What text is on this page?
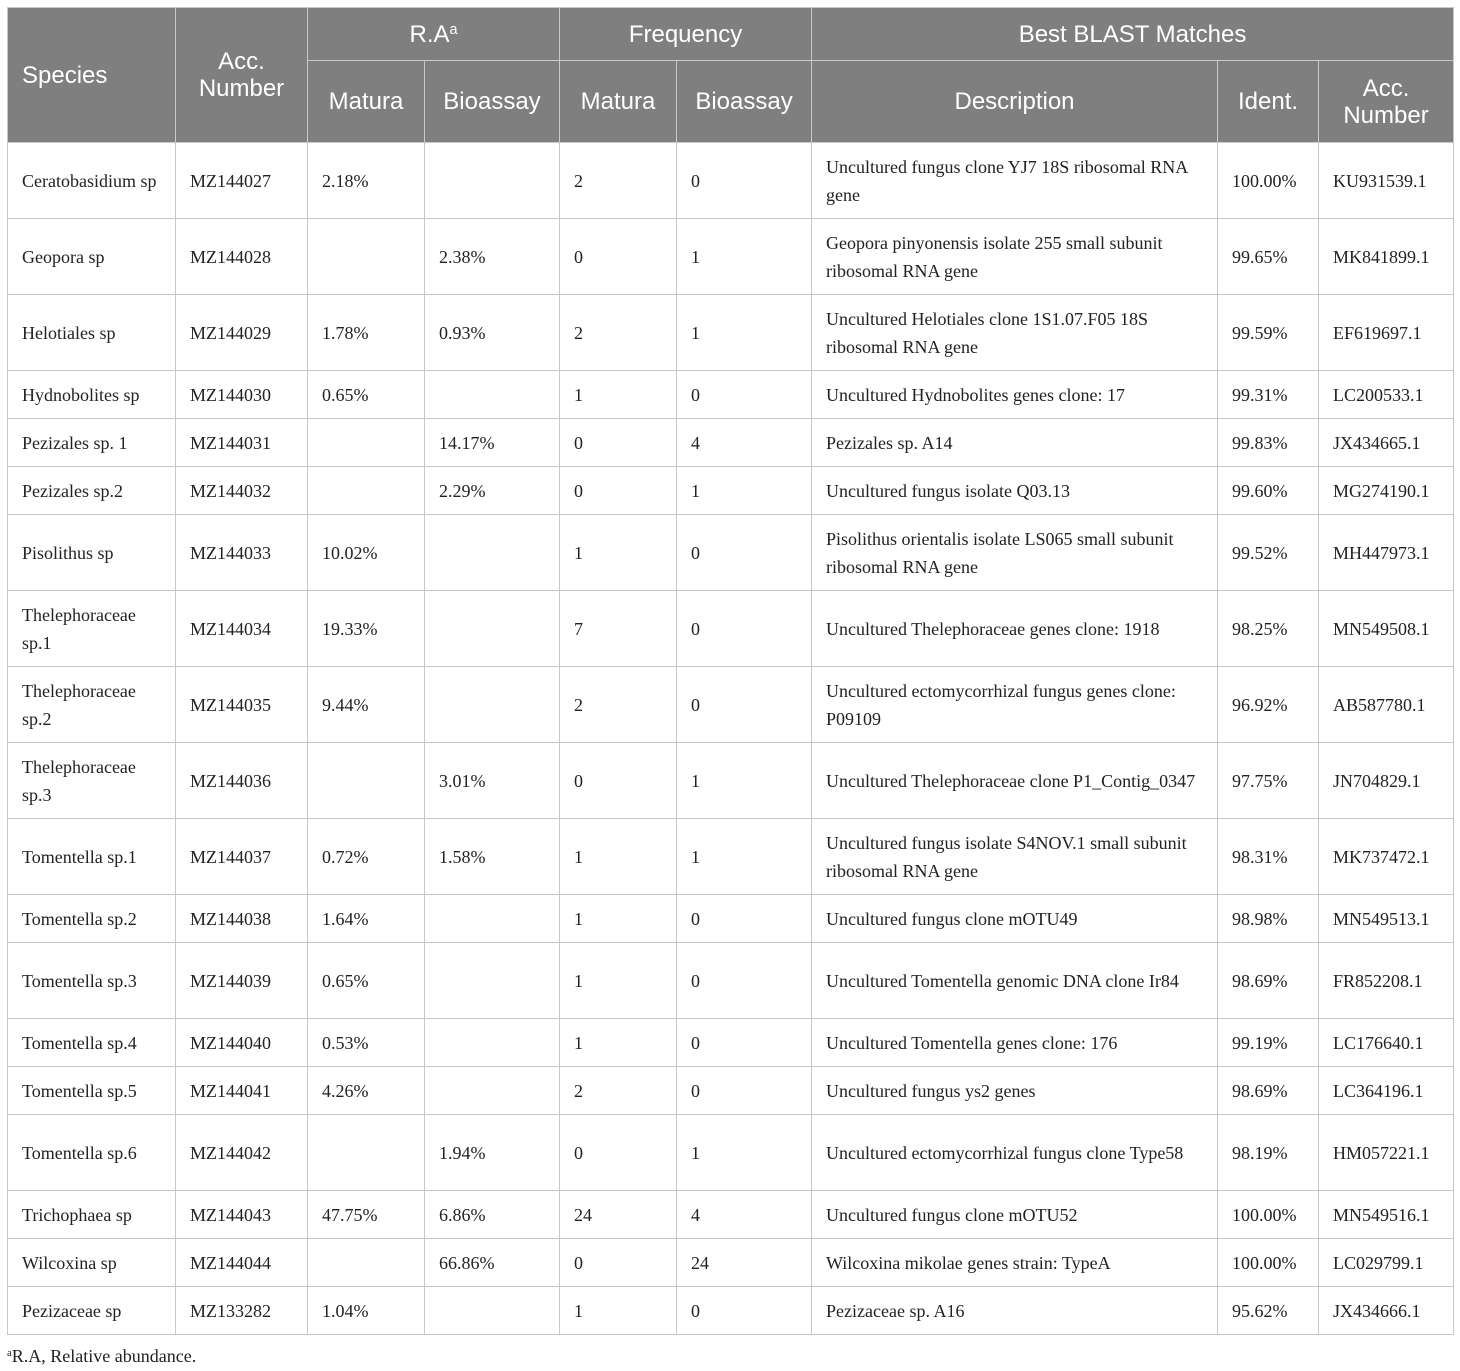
Species	Acc. Number	$R.A^a$		Frequency		Best BLAST Matches		
		Matura	Bioassay	Matura	Bioassay	Description	Ident.	Acc. Number
Ceratobasidium sp	MZ144027	2.18%		2	0	Uncultured fungus clone YJ7 18S ribosomal RNA gene	100.00%	KU931539.1
Geopora sp	MZ144028		2.38%	0	1	Geopora pinyonensis isolate 255 small subunit ribosomal RNA gene	99.65%	MK841899.1
Helotiales sp	MZ144029	1.78%	0.93%	2	1	Uncultured Helotiales clone 1S1.07.F05 18S ribosomal RNA gene	99.59%	EF619697.1
Hydnobolites sp	MZ144030	0.65%		1	0	Uncultured Hydnobolites genes clone: 17	99.31%	LC200533.1
Pezizales sp. 1	MZ144031		14.17%	0	4	Pezizales sp. A14	99.83%	JX434665.1
Pezizales sp.2	MZ144032		2.29%	0	1	Uncultured fungus isolate Q03.13	99.60%	MG274190.1
Pisolithus sp	MZ144033	10.02%		1	0	Pisolithus orientalis isolate LS065 small subunit ribosomal RNA gene	99.52%	MH447973.1
Thelephoraceae sp.1	MZ144034	19.33%		7	0	Uncultured Thelephoraceae genes clone: 1918	98.25%	MN549508.1
Thelephoraceae sp.2	MZ144035	9.44%		2	0	Uncultured ectomycorrhizal fungus genes clone: P09109	96.92%	AB587780.1
Thelephoraceae sp.3	MZ144036		3.01%	0	1	Uncultured Thelephoraceae clone P1_Contig_0347	97.75%	JN704829.1
Tomentella sp.1	MZ144037	0.72%	1.58%	1	1	Uncultured fungus isolate S4NOV.1 small subunit ribosomal RNA gene	98.31%	MK737472.1
Tomentella sp.2	MZ144038	1.64%		1	0	Uncultured fungus clone mOTU49	98.98%	MN549513.1
Tomentella sp.3	MZ144039	0.65%		1	0	Uncultured Tomentella genomic DNA clone Ir84	98.69%	FR852208.1
Tomentella sp.4	MZ144040	0.53%		1	0	Uncultured Tomentella genes clone: 176	99.19%	LC176640.1
Tomentella sp.5	MZ144041	4.26%		2	0	Uncultured fungus ys2 genes	98.69%	LC364196.1
Tomentella sp.6	MZ144042		1.94%	0	1	Uncultured ectomycorrhizal fungus clone Type58	98.19%	HM057221.1
Trichophaea sp	MZ144043	47.75%	6.86%	24	4	Uncultured fungus clone mOTU52	100.00%	MN549516.1
Wilcoxina sp	MZ144044		66.86%	0	24	Wilcoxina mikolae genes strain: TypeA	100.00%	LC029799.1
Pezizaceae sp	MZ133282	1.04%		1	0	Pezizaceae sp. A16	95.62%	JX434666.1

$^a$R.A, Relative abundance.
